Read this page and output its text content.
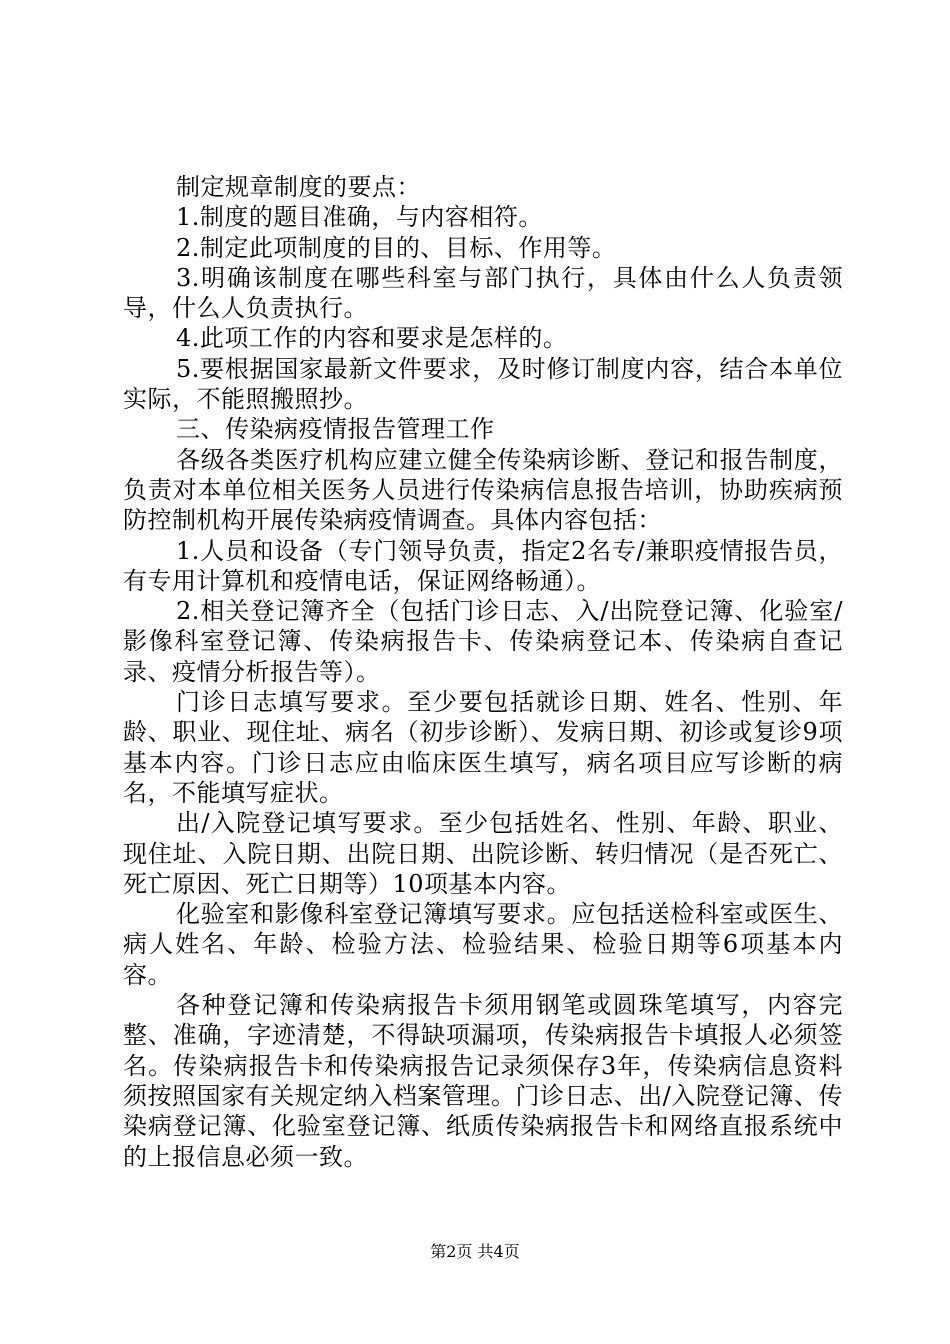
制定规章制度的要点：

1.制度的题目准确，与内容相符。

2.制定此项制度的目的、目标、作用等。

3.明确该制度在哪些科室与部门执行，具体由什么人负责领导，什么人负责执行。

4.此项工作的内容和要求是怎样的。

5.要根据国家最新文件要求，及时修订制度内容，结合本单位实际，不能照搬照抄。

三、传染病疫情报告管理工作

各级各类医疗机构应建立健全传染病诊断、登记和报告制度，负责对本单位相关医务人员进行传染病信息报告培训，协助疾病预防控制机构开展传染病疫情调查。具体内容包括：

1.人员和设备（专门领导负责，指定2名专/兼职疫情报告员，有专用计算机和疫情电话，保证网络畅通）。

2.相关登记簿齐全（包括门诊日志、入/出院登记簿、化验室/影像科室登记簿、传染病报告卡、传染病登记本、传染病自查记录、疫情分析报告等）。

门诊日志填写要求。至少要包括就诊日期、姓名、性别、年龄、职业、现住址、病名（初步诊断）、发病日期、初诊或复诊9项基本内容。门诊日志应由临床医生填写，病名项目应写诊断的病名，不能填写症状。

出/入院登记填写要求。至少包括姓名、性别、年龄、职业、现住址、入院日期、出院日期、出院诊断、转归情况（是否死亡、死亡原因、死亡日期等）10项基本内容。

化验室和影像科室登记簿填写要求。应包括送检科室或医生、病人姓名、年龄、检验方法、检验结果、检验日期等6项基本内容。

各种登记簿和传染病报告卡须用钢笔或圆珠笔填写，内容完整、准确，字迹清楚，不得缺项漏项，传染病报告卡填报人必须签名。传染病报告卡和传染病报告记录须保存3年，传染病信息资料须按照国家有关规定纳入档案管理。门诊日志、出/入院登记簿、传染病登记簿、化验室登记簿、纸质传染病报告卡和网络直报系统中的上报信息必须一致。

第2页 共4页
